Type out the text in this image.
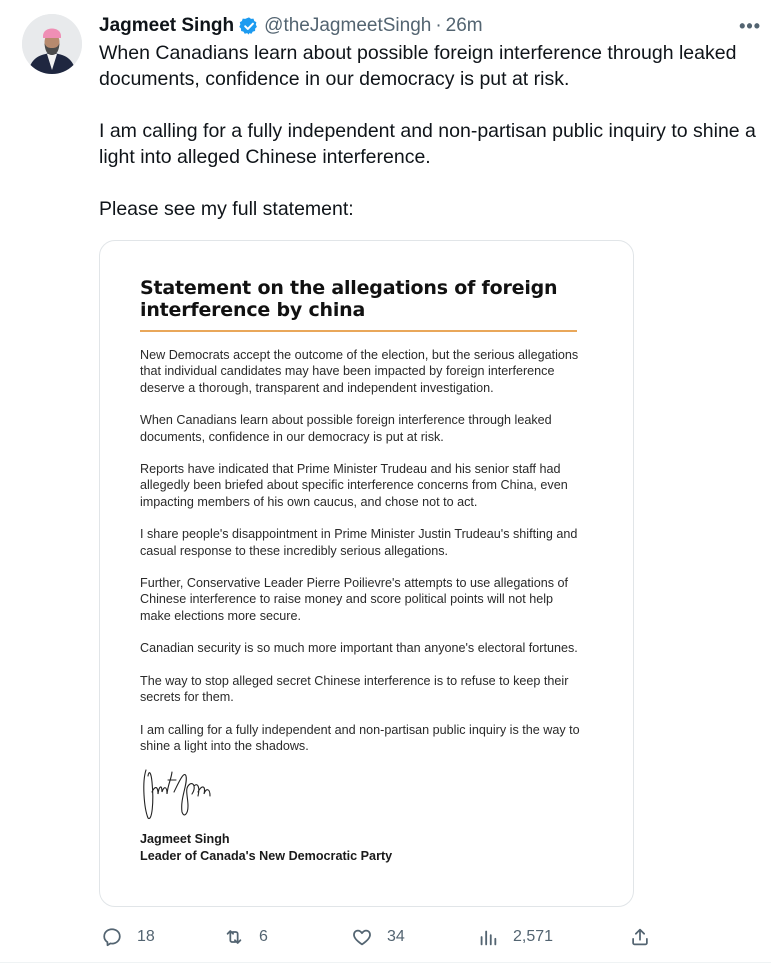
Jagmeet Singh @theJagmeetSingh · 26m	•••

When Canadians learn about possible foreign interference through leaked documents, confidence in our democracy is put at risk.

I am calling for a fully independent and non-partisan public inquiry to shine a light into alleged Chinese interference.

Please see my full statement:

Statement on the allegations of foreign interference by china

New Democrats accept the outcome of the election, but the serious allegations that individual candidates may have been impacted by foreign interference deserve a thorough, transparent and independent investigation.

When Canadians learn about possible foreign interference through leaked documents, confidence in our democracy is put at risk.

Reports have indicated that Prime Minister Trudeau and his senior staff had allegedly been briefed about specific interference concerns from China, even impacting members of his own caucus, and chose not to act.

I share people's disappointment in Prime Minister Justin Trudeau's shifting and casual response to these incredibly serious allegations.

Further, Conservative Leader Pierre Poilievre's attempts to use allegations of Chinese interference to raise money and score political points will not help make elections more secure.

Canadian security is so much more important than anyone's electoral fortunes.

The way to stop alleged secret Chinese interference is to refuse to keep their secrets for them.

I am calling for a fully independent and non-partisan public inquiry is the way to shine a light into the shadows.

Jagmeet Singh
Leader of Canada's New Democratic Party
18	6	34	2,571
